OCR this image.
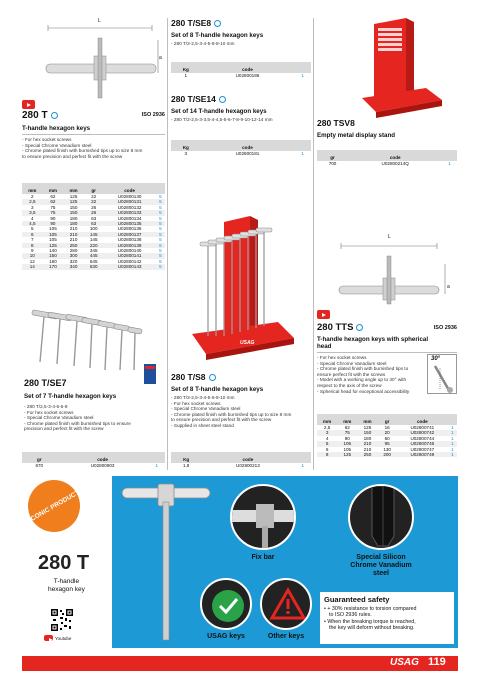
L
a
280 T	ISO 2936
T-handle hexagon keys
- For hex socket screws
- Special Chrome Vanadium steel
- Chrome plated finish with burnished tips up to size 8 mm
to ensure precision and perfect fit with the screw
mm	mm	mm	gr	code	
2	62	125	22	U02800130	5
2,5	62	125	22	U02800131	5
3	75	150	26	U02800132	5
3,5	75	150	26	U02800133	5
4	90	180	63	U02800134	5
4,5	90	180	63	U02800135	5
5	105	210	100	U02800136	5
6	105	210	145	U02800137	5
7	105	210	145	U02800138	5
8	125	250	220	U02800139	5
9	140	280	345	U02800140	5
10	150	300	445	U02800141	5
12	160	320	645	U02800142	5
14	170	340	630	U02800143	5
280 T/SE7
Set of 7 T-handle hexagon keys
- 280 T/2,5-3-4-5-6-8
- For hex socket screws
- Special Chrome Vanadium steel
- Chrome plated finish with burnished tips to ensure
precision and perfect fit with the screw
gr	code	
670	U02800903	1
280 T/SE8
Set of 8 T-handle hexagon keys
- 280 T/2-2,5-3-4-5-6-8-10 mm
Kg	code	
1	U02800186	1
280 T/SE14
Set of 14 T-handle hexagon keys
- 280 T/2-2,5-3-3,5-4-4,5-5-6-7-8-9-10-12-14 mm
Kg	code	
3	U02800181	1
USAG
280 T/S8
Set of 8 T-handle hexagon keys
- 280 T/2-2,5-3-4-5-6-8-10 mm
- For hex socket screws
- Special Chrome Vanadium steel
- Chrome plated finish with burnished tips up to size 8 mm
to ensure precision and perfect fit with the screw
- Supplied in sheet steel stand
Kg	code	
1,8	U02800213	1
280 TSV8
Empty metal display stand
gr	code	
700	U02800214Q	1
L
a
280 TTS	ISO 2936
T-handle hexagon keys with spherical
head
- For hex socket screws
- Special Chrome Vanadium steel
- Chrome plated finish with burnished tips to
ensure perfect fit with the screws
- Model with a working angle up to 30° with
respect to the axis of the screw
- Spherical head for exceptional accessibility
30°
mm	mm	mm	gr	code	
2,5	62	125	16	U02800741	1
3	75	150	20	U02800742	1
4	90	180	60	U02800744	1
5	105	210	95	U02800746	1
6	105	210	130	U02800747	1
8	125	250	200	U02800749	1
ICONIC PRODUCT
280 T
T-handle
hexagon key
Youtube
Fix bar	Special Silicon
Chrome Vanadium
steel
USAG keys	Other keys
Guaranteed safety
• + 30% resistance to torsion compared
to ISO 2936 rules.
• When the breaking torque is reached,
the key will deform without breaking.
USAG 119
